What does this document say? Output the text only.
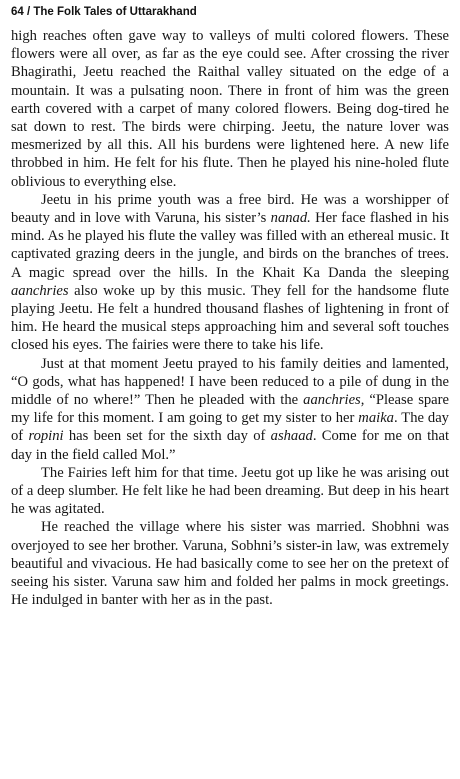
64 / The Folk Tales of Uttarakhand

high reaches often gave way to valleys of multi colored flowers. These flowers were all over, as far as the eye could see. After crossing the river Bhagirathi, Jeetu reached the Raithal valley situated on the edge of a mountain. It was a pulsating noon. There in front of him was the green earth covered with a carpet of many colored flowers. Being dog-tired he sat down to rest. The birds were chirping. Jeetu, the nature lover was mesmerized by all this. All his burdens were lightened here. A new life throbbed in him. He felt for his flute. Then he played his nine-holed flute oblivious to everything else.

Jeetu in his prime youth was a free bird. He was a worshipper of beauty and in love with Varuna, his sister’s nanad. Her face flashed in his mind. As he played his flute the valley was filled with an ethereal music. It captivated grazing deers in the jungle, and birds on the branches of trees. A magic spread over the hills. In the Khait Ka Danda the sleeping aanchries also woke up by this music. They fell for the handsome flute playing Jeetu. He felt a hundred thousand flashes of lightening in front of him. He heard the musical steps approaching him and several soft touches closed his eyes. The fairies were there to take his life.

Just at that moment Jeetu prayed to his family deities and lamented, “O gods, what has happened! I have been reduced to a pile of dung in the middle of no where!” Then he pleaded with the aanchries, “Please spare my life for this moment. I am going to get my sister to her maika. The day of ropini has been set for the sixth day of ashaad. Come for me on that day in the field called Mol.”

The Fairies left him for that time. Jeetu got up like he was arising out of a deep slumber. He felt like he had been dreaming. But deep in his heart he was agitated.

He reached the village where his sister was married. Shobhni was overjoyed to see her brother. Varuna, Sobhni’s sister-in law, was extremely beautiful and vivacious. He had basically come to see her on the pretext of seeing his sister. Varuna saw him and folded her palms in mock greetings. He indulged in banter with her as in the past.
